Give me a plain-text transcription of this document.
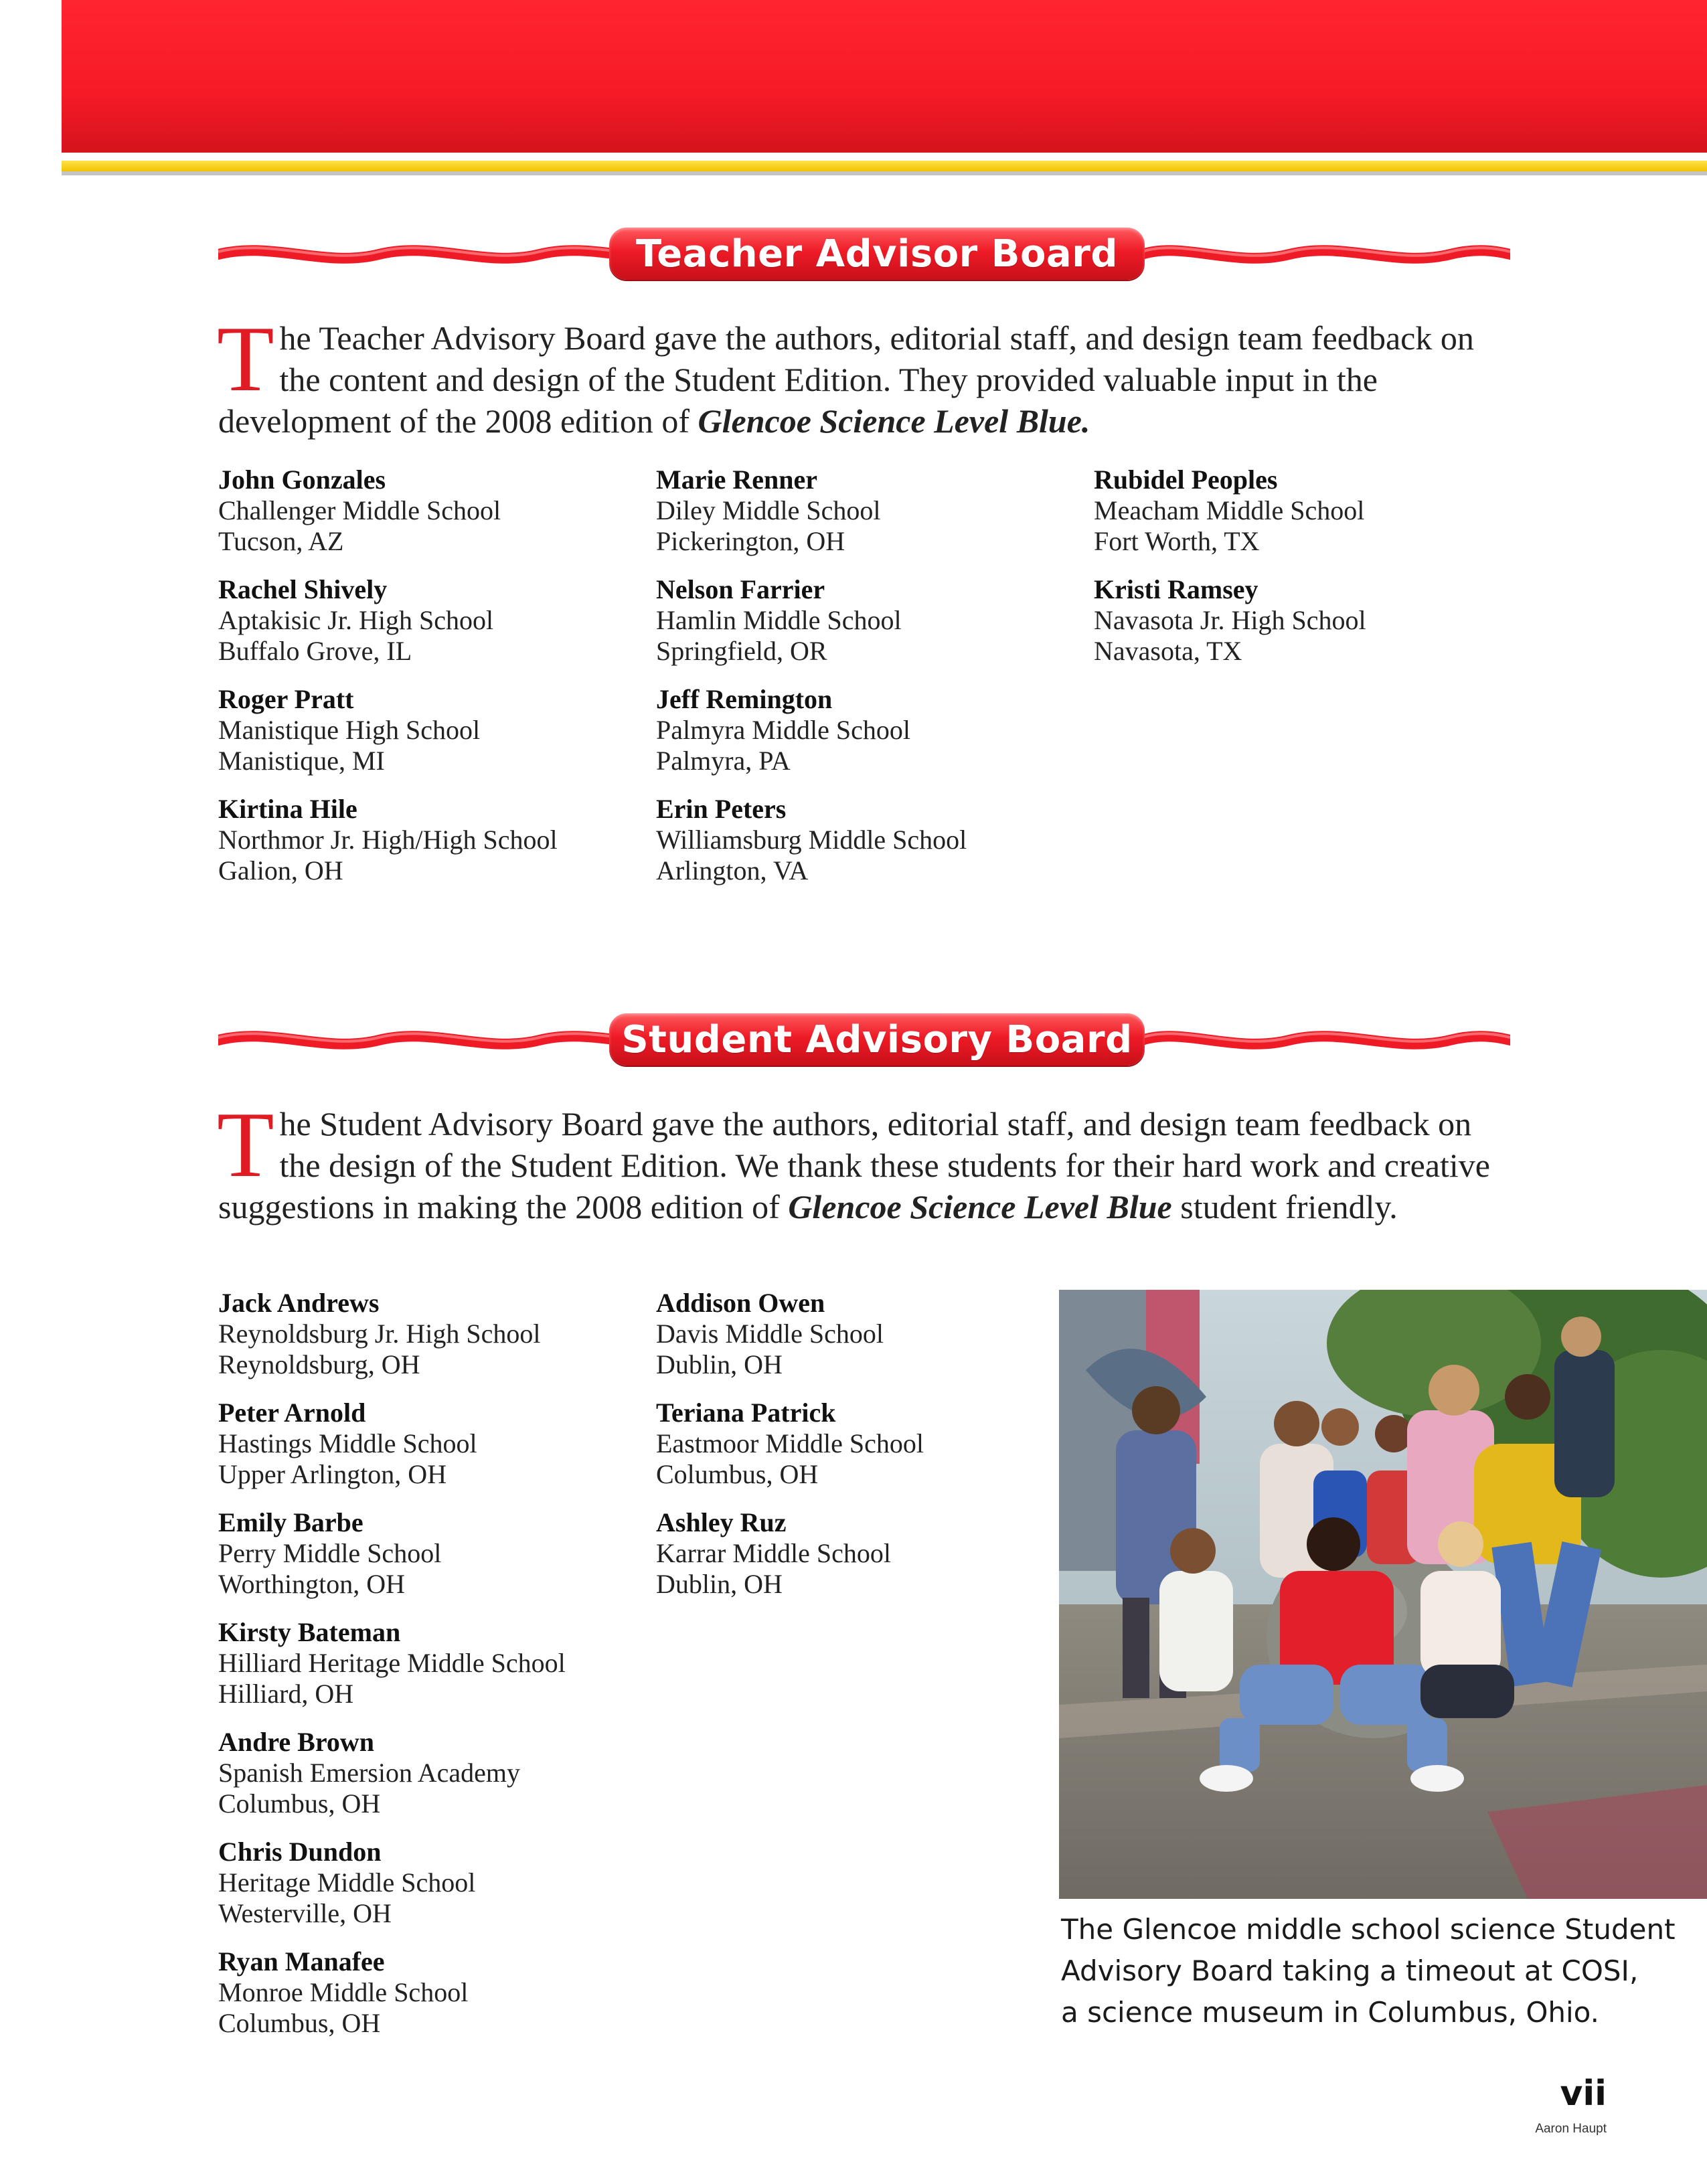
Teacher Advisor Board
The Teacher Advisory Board gave the authors, editorial staff, and design team feedback on the content and design of the Student Edition. They provided valuable input in the development of the 2008 edition of Glencoe Science Level Blue.
John Gonzales
Challenger Middle School
Tucson, AZ
Rachel Shively
Aptakisic Jr. High School
Buffalo Grove, IL
Roger Pratt
Manistique High School
Manistique, MI
Kirtina Hile
Northmor Jr. High/High School
Galion, OH
Marie Renner
Diley Middle School
Pickerington, OH
Nelson Farrier
Hamlin Middle School
Springfield, OR
Jeff Remington
Palmyra Middle School
Palmyra, PA
Erin Peters
Williamsburg Middle School
Arlington, VA
Rubidel Peoples
Meacham Middle School
Fort Worth, TX
Kristi Ramsey
Navasota Jr. High School
Navasota, TX
Student Advisory Board
The Student Advisory Board gave the authors, editorial staff, and design team feedback on the design of the Student Edition. We thank these students for their hard work and creative suggestions in making the 2008 edition of Glencoe Science Level Blue student friendly.
Jack Andrews
Reynoldsburg Jr. High School
Reynoldsburg, OH
Peter Arnold
Hastings Middle School
Upper Arlington, OH
Emily Barbe
Perry Middle School
Worthington, OH
Kirsty Bateman
Hilliard Heritage Middle School
Hilliard, OH
Andre Brown
Spanish Emersion Academy
Columbus, OH
Chris Dundon
Heritage Middle School
Westerville, OH
Ryan Manafee
Monroe Middle School
Columbus, OH
Addison Owen
Davis Middle School
Dublin, OH
Teriana Patrick
Eastmoor Middle School
Columbus, OH
Ashley Ruz
Karrar Middle School
Dublin, OH
The Glencoe middle school science Student
Advisory Board taking a timeout at COSI,
a science museum in Columbus, Ohio.
vii
Aaron Haupt
